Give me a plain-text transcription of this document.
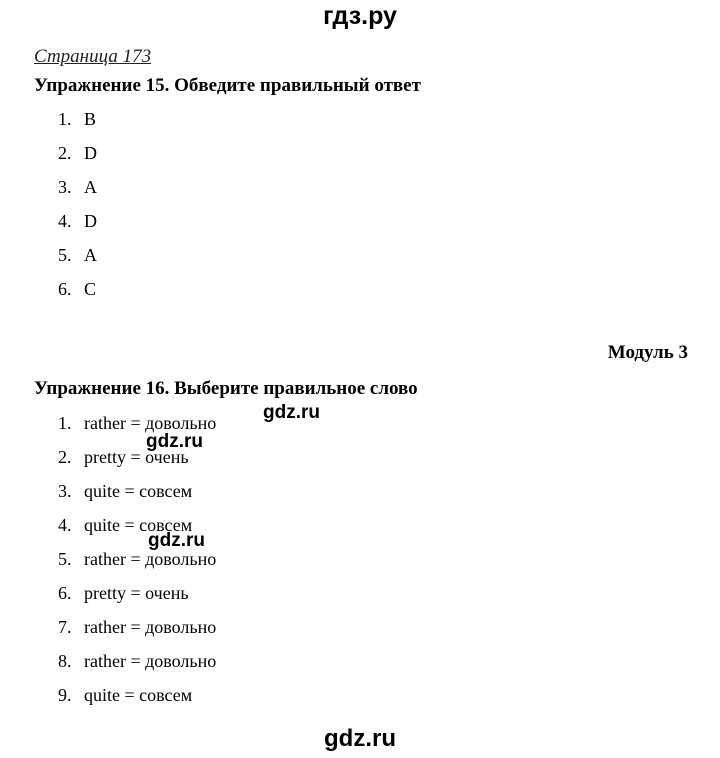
гдз.ру
Страница 173
Упражнение 15. Обведите правильный ответ
1. B
2. D
3. A
4. D
5. A
6. C
Модуль 3
Упражнение 16. Выберите правильное слово
1. rather = довольно
2. pretty = очень
3. quite = совсем
4. quite = совсем
5. rather = довольно
6. pretty = очень
7. rather = довольно
8. rather = довольно
9. quite = совсем
gdz.ru
gdz.ru
gdz.ru
gdz.ru
